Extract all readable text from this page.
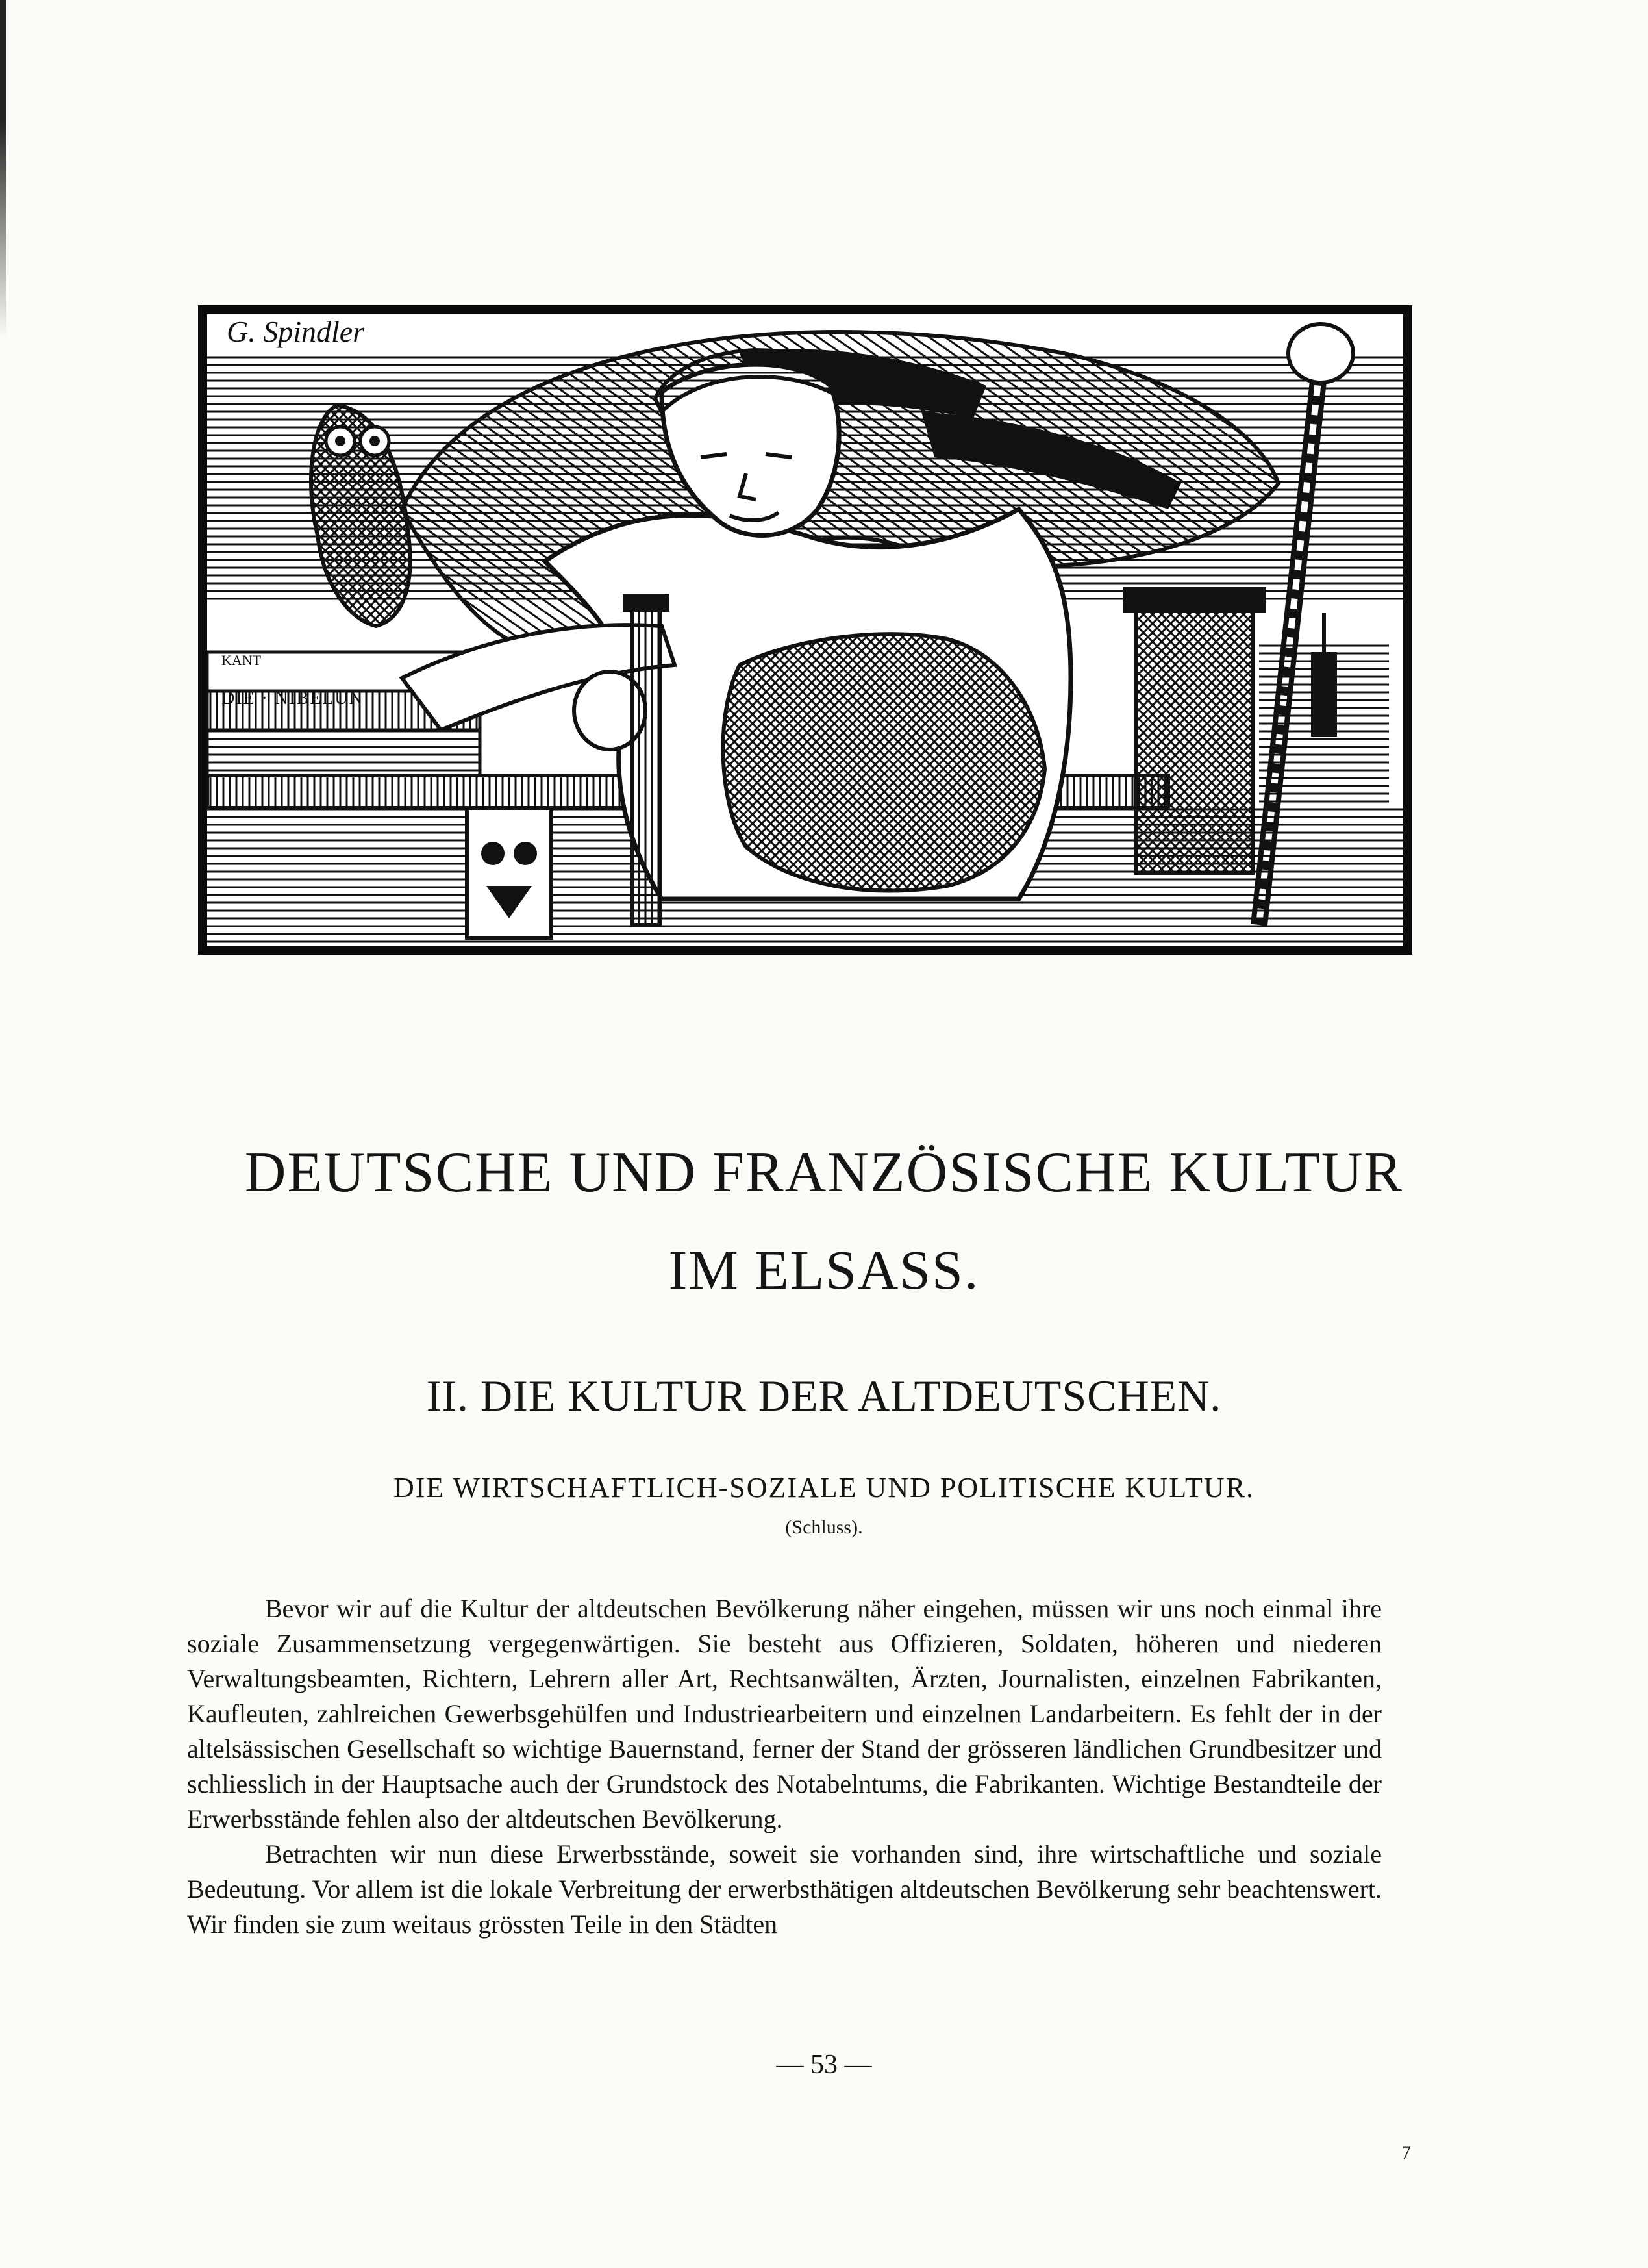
KANT
DIE · NIBELUN
G. Spindler
DEUTSCHE UND FRANZÖSISCHE KULTUR
IM ELSASS.
II. DIE KULTUR DER ALTDEUTSCHEN.
DIE WIRTSCHAFTLICH-SOZIALE UND POLITISCHE KULTUR.
(Schluss).

Bevor wir auf die Kultur der altdeutschen Bevölkerung näher eingehen, müssen wir uns noch einmal ihre soziale Zusammensetzung vergegenwärtigen. Sie besteht aus Offizieren, Soldaten, höheren und niederen Verwaltungsbeamten, Richtern, Lehrern aller Art, Rechtsanwälten, Ärzten, Journalisten, einzelnen Fabrikanten, Kaufleuten, zahlreichen Gewerbsgehülfen und Industriearbeitern und einzelnen Landarbeitern. Es fehlt der in der altelsässischen Gesellschaft so wichtige Bauernstand, ferner der Stand der grösseren ländlichen Grundbesitzer und schliesslich in der Hauptsache auch der Grundstock des Notabelntums, die Fabrikanten. Wichtige Bestandteile der Erwerbsstände fehlen also der altdeutschen Bevölkerung.

Betrachten wir nun diese Erwerbsstände, soweit sie vorhanden sind, ihre wirtschaftliche und soziale Bedeutung. Vor allem ist die lokale Verbreitung der erwerbsthätigen altdeutschen Bevölkerung sehr beachtenswert. Wir finden sie zum weitaus grössten Teile in den Städten

— 53 —
7
